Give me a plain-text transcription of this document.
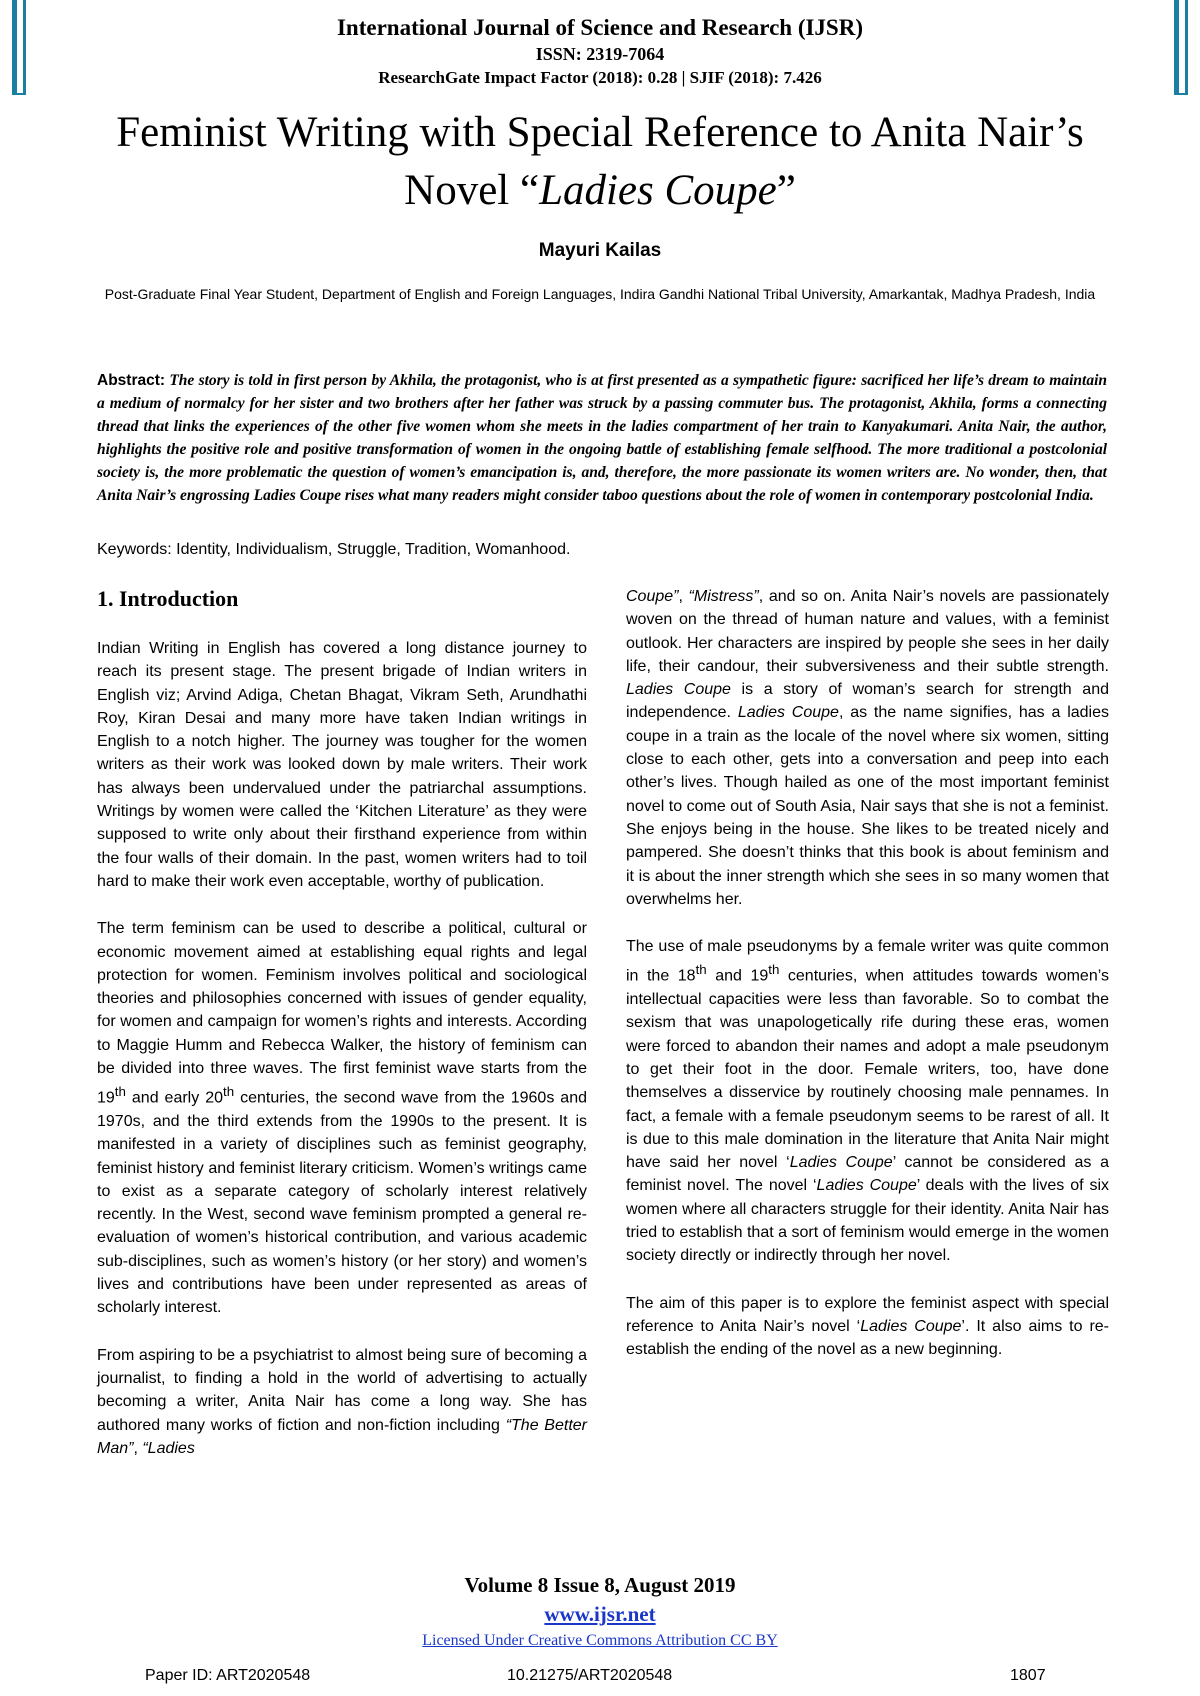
International Journal of Science and Research (IJSR)
ISSN: 2319-7064
ResearchGate Impact Factor (2018): 0.28 | SJIF (2018): 7.426
Feminist Writing with Special Reference to Anita Nair’s Novel “Ladies Coupe”
Mayuri Kailas
Post-Graduate Final Year Student, Department of English and Foreign Languages, Indira Gandhi National Tribal University, Amarkantak, Madhya Pradesh, India
Abstract: The story is told in first person by Akhila, the protagonist, who is at first presented as a sympathetic figure: sacrificed her life’s dream to maintain a medium of normalcy for her sister and two brothers after her father was struck by a passing commuter bus. The protagonist, Akhila, forms a connecting thread that links the experiences of the other five women whom she meets in the ladies compartment of her train to Kanyakumari. Anita Nair, the author, highlights the positive role and positive transformation of women in the ongoing battle of establishing female selfhood. The more traditional a postcolonial society is, the more problematic the question of women’s emancipation is, and, therefore, the more passionate its women writers are. No wonder, then, that Anita Nair’s engrossing Ladies Coupe rises what many readers might consider taboo questions about the role of women in contemporary postcolonial India.
Keywords: Identity, Individualism, Struggle, Tradition, Womanhood.
1. Introduction

Indian Writing in English has covered a long distance journey to reach its present stage. The present brigade of Indian writers in English viz; Arvind Adiga, Chetan Bhagat, Vikram Seth, Arundhathi Roy, Kiran Desai and many more have taken Indian writings in English to a notch higher. The journey was tougher for the women writers as their work was looked down by male writers. Their work has always been undervalued under the patriarchal assumptions. Writings by women were called the ‘Kitchen Literature’ as they were supposed to write only about their firsthand experience from within the four walls of their domain. In the past, women writers had to toil hard to make their work even acceptable, worthy of publication.

The term feminism can be used to describe a political, cultural or economic movement aimed at establishing equal rights and legal protection for women. Feminism involves political and sociological theories and philosophies concerned with issues of gender equality, for women and campaign for women’s rights and interests. According to Maggie Humm and Rebecca Walker, the history of feminism can be divided into three waves. The first feminist wave starts from the 19th and early 20th centuries, the second wave from the 1960s and 1970s, and the third extends from the 1990s to the present. It is manifested in a variety of disciplines such as feminist geography, feminist history and feminist literary criticism. Women’s writings came to exist as a separate category of scholarly interest relatively recently. In the West, second wave feminism prompted a general re-evaluation of women’s historical contribution, and various academic sub-disciplines, such as women’s history (or her story) and women’s lives and contributions have been under represented as areas of scholarly interest.

From aspiring to be a psychiatrist to almost being sure of becoming a journalist, to finding a hold in the world of advertising to actually becoming a writer, Anita Nair has come a long way. She has authored many works of fiction and non-fiction including “The Better Man”, “Ladies

Coupe”, “Mistress”, and so on. Anita Nair’s novels are passionately woven on the thread of human nature and values, with a feminist outlook. Her characters are inspired by people she sees in her daily life, their candour, their subversiveness and their subtle strength. Ladies Coupe is a story of woman’s search for strength and independence. Ladies Coupe, as the name signifies, has a ladies coupe in a train as the locale of the novel where six women, sitting close to each other, gets into a conversation and peep into each other’s lives. Though hailed as one of the most important feminist novel to come out of South Asia, Nair says that she is not a feminist. She enjoys being in the house. She likes to be treated nicely and pampered. She doesn’t thinks that this book is about feminism and it is about the inner strength which she sees in so many women that overwhelms her.

The use of male pseudonyms by a female writer was quite common in the 18th and 19th centuries, when attitudes towards women’s intellectual capacities were less than favorable. So to combat the sexism that was unapologetically rife during these eras, women were forced to abandon their names and adopt a male pseudonym to get their foot in the door. Female writers, too, have done themselves a disservice by routinely choosing male pennames. In fact, a female with a female pseudonym seems to be rarest of all. It is due to this male domination in the literature that Anita Nair might have said her novel ‘Ladies Coupe’ cannot be considered as a feminist novel. The novel ‘Ladies Coupe’ deals with the lives of six women where all characters struggle for their identity. Anita Nair has tried to establish that a sort of feminism would emerge in the women society directly or indirectly through her novel.

The aim of this paper is to explore the feminist aspect with special reference to Anita Nair’s novel ‘Ladies Coupe’. It also aims to re-establish the ending of the novel as a new beginning.

Volume 8 Issue 8, August 2019
www.ijsr.net
Licensed Under Creative Commons Attribution CC BY
Paper ID: ART2020548	10.21275/ART2020548	1807
